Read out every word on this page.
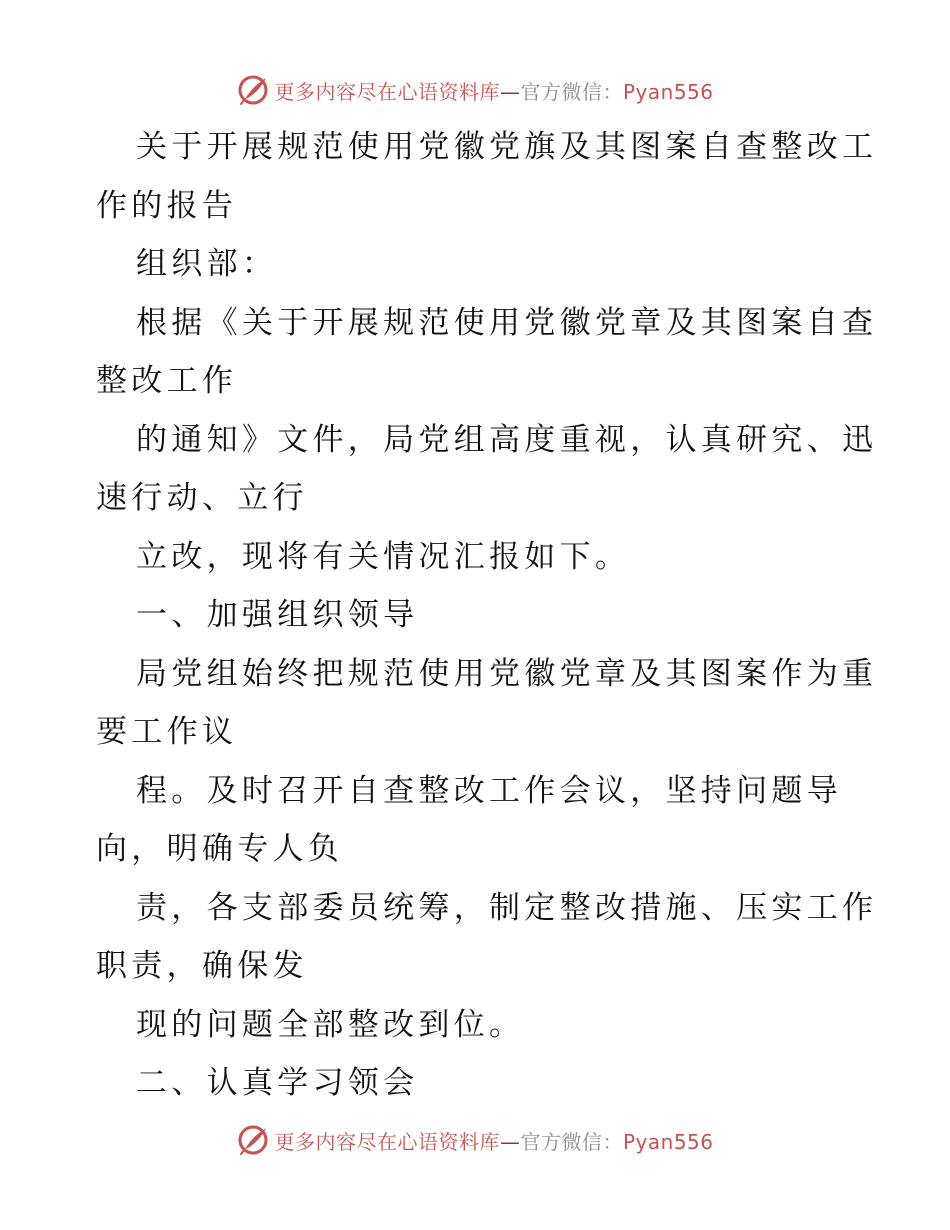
更多内容尽在心语资料库—官方微信：Pyan556
关于开展规范使用党徽党旗及其图案自查整改工
作的报告
组织部：
根据《关于开展规范使用党徽党章及其图案自查
整改工作
的通知》文件，局党组高度重视，认真研究、迅
速行动、立行
立改，现将有关情况汇报如下。
一、加强组织领导
局党组始终把规范使用党徽党章及其图案作为重
要工作议
程。及时召开自查整改工作会议，坚持问题导
向，明确专人负
责，各支部委员统筹，制定整改措施、压实工作
职责，确保发
现的问题全部整改到位。
二、认真学习领会
更多内容尽在心语资料库—官方微信：Pyan556
